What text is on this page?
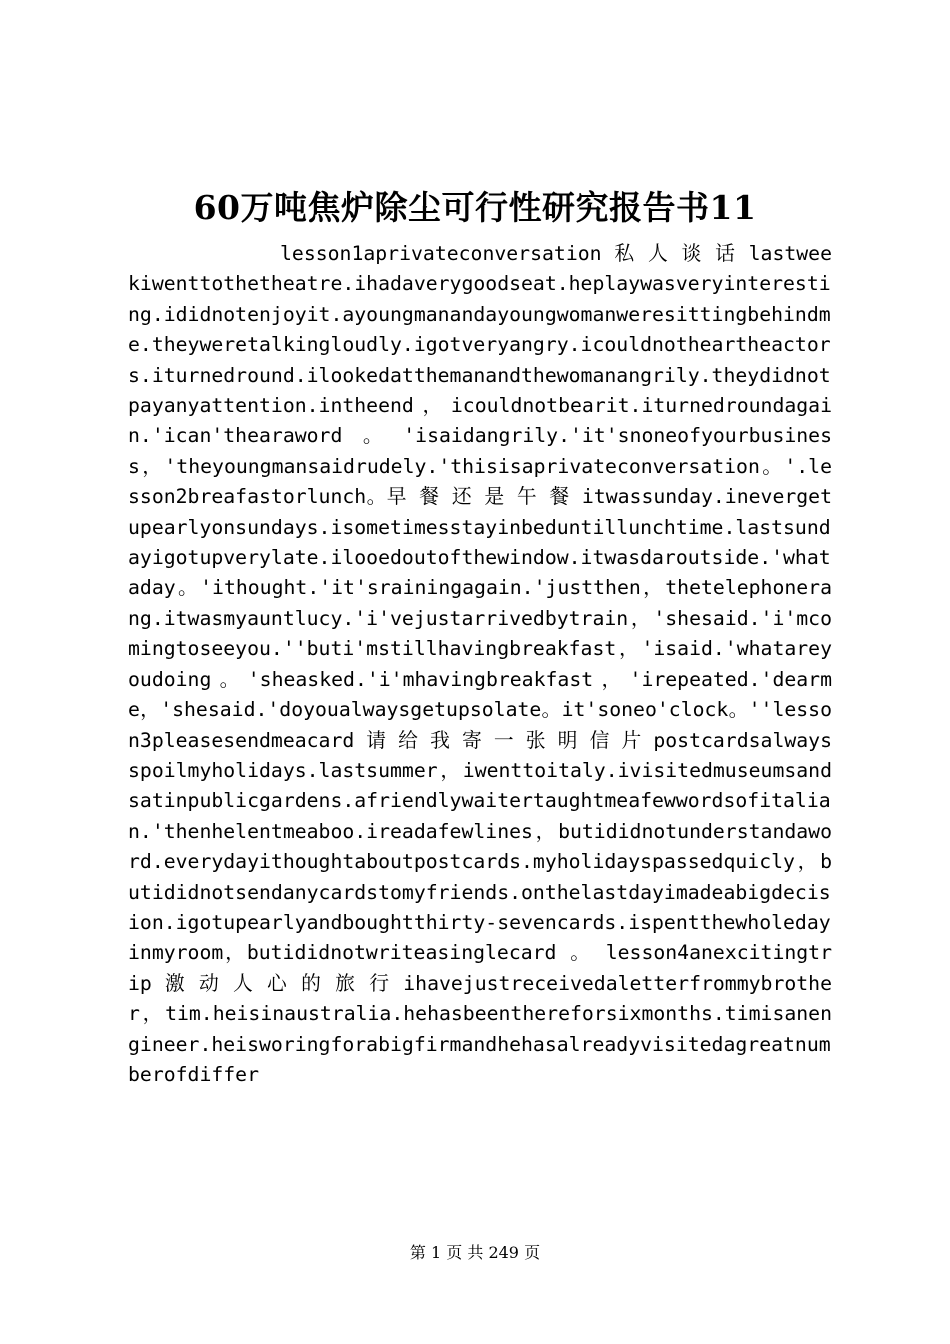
60万吨焦炉除尘可行性研究报告书11

lesson1aprivateconversation 私 人 谈 话 lastweekiwenttothetheatre.ihadaverygoodseat.heplaywasveryinteresting.ididnotenjoyit.ayoungmanandayoungwomanweresittingbehindme.theyweretalkingloudly.igotveryangry.icouldnotheartheactors.iturnedround.ilookedatthemanandthewomanangrily.theydidnotpayanyattention.intheend，icouldnotbearit.iturnedroundagain.'ican'thearaword。'isaidangrily.'it'snoneofyourbusiness，'theyoungmansaidrudely.'thisisaprivateconversation。'.lesson2breafastorlunch。早 餐 还 是 午 餐 itwassunday.inevergetupearlyonsundays.isometimesstayinbeduntillunchtime.lastsundayigotupverylate.ilooedoutofthewindow.itwasdaroutside.'whataday。'ithought.'it'srainingagain.'justthen，thetelephonerang.itwasmyauntlucy.'i'vejustarrivedbytrain，'shesaid.'i'mcomingtoseeyou.''buti'mstillhavingbreakfast，'isaid.'whatareyoudoing。'sheasked.'i'mhavingbreakfast，'irepeated.'dearme，'shesaid.'doyoualwaysgetupsolate。it'soneo'clock。''lesson3pleasesendmeacard 请 给 我 寄 一 张 明 信 片 postcardsalwaysspoilmyholidays.lastsummer，iwenttoitaly.ivisitedmuseumsandsatinpublicgardens.afriendlywaitertaughtmeafewwordsofitalian.'thenhelentmeaboo.ireadafewlines，butididnotunderstandaword.everydayithoughtaboutpostcards.myholidayspassedquicly，butididnotsendanycardstomyfriends.onthelastdayimadeabigdecision.igotupearlyandboughtthirty-sevencards.ispentthewholedayinmyroom，butididnotwriteasinglecard 。 lesson4anexcitingtrip 激 动 人 心 的 旅 行 ihavejustreceivedaletterfrommybrother，tim.heisinaustralia.hehasbeenthereforsixmonths.timisanengineer.heisworingforabigfirmandhehasalreadyvisitedagreatnumberofdiffer

第 1 页 共 249 页
